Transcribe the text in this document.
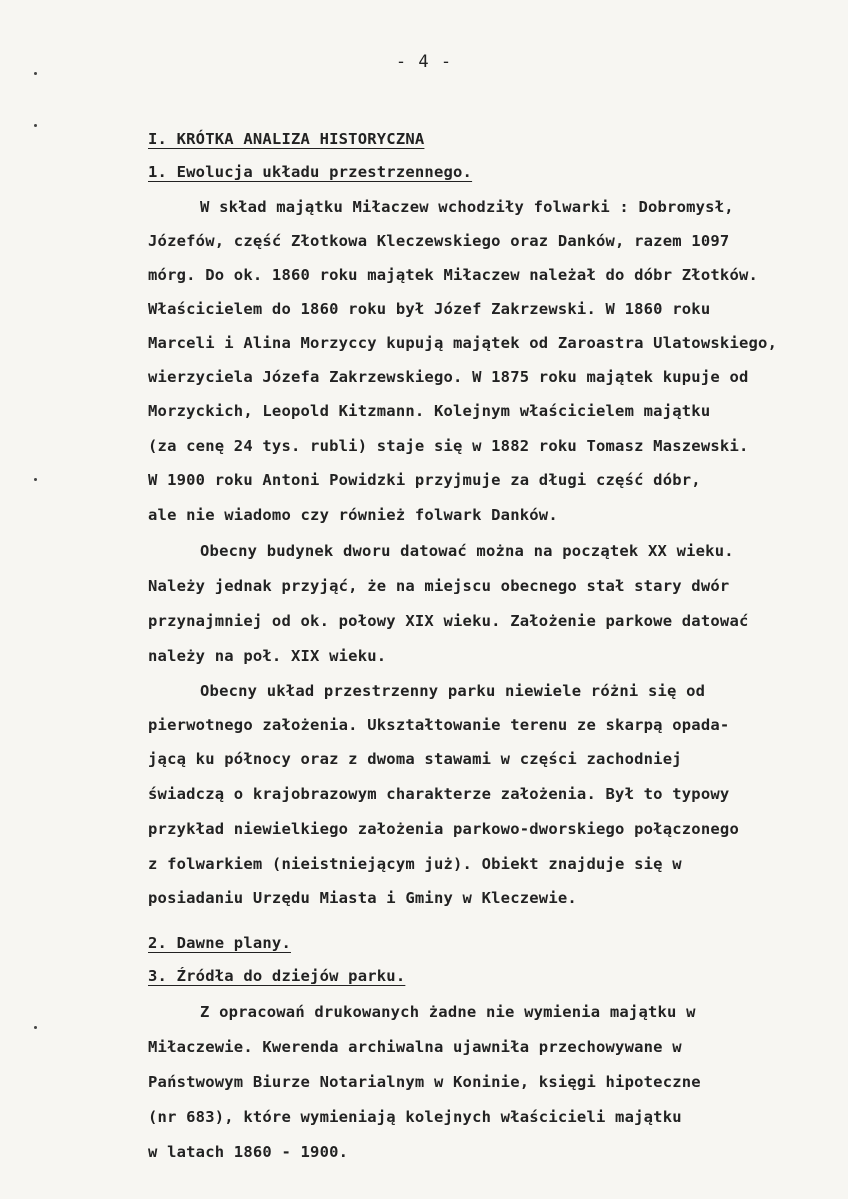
- 4 -
I. KRÓTKA ANALIZA HISTORYCZNA
1. Ewolucja układu przestrzennego.
W skład majątku Miłaczew wchodziły folwarki : Dobromysł,
Józefów, część Złotkowa Kleczewskiego oraz Danków, razem 1097
mórg. Do ok. 1860 roku majątek Miłaczew należał do dóbr Złotków.
Właścicielem do 1860 roku był Józef Zakrzewski. W 1860 roku
Marceli i Alina Morzyccy kupują majątek od Zaroastra Ulatowskiego,
wierzyciela Józefa Zakrzewskiego. W 1875 roku majątek kupuje od
Morzyckich, Leopold Kitzmann. Kolejnym właścicielem majątku
(za cenę 24 tys. rubli) staje się w 1882 roku Tomasz Maszewski.
W 1900 roku Antoni Powidzki przyjmuje za długi część dóbr,
ale nie wiadomo czy również folwark Danków.
Obecny budynek dworu datować można na początek XX wieku.
Należy jednak przyjąć, że na miejscu obecnego stał stary dwór
przynajmniej od ok. połowy XIX wieku. Założenie parkowe datować
należy na poł. XIX wieku.
Obecny układ przestrzenny parku niewiele różni się od
pierwotnego założenia. Ukształtowanie terenu ze skarpą opada-
jącą ku północy oraz z dwoma stawami w części zachodniej
świadczą o krajobrazowym charakterze założenia. Był to typowy
przykład niewielkiego założenia parkowo-dworskiego połączonego
z folwarkiem (nieistniejącym już). Obiekt znajduje się w
posiadaniu Urzędu Miasta i Gminy w Kleczewie.
2. Dawne plany.
3. Źródła do dziejów parku.
Z opracowań drukowanych żadne nie wymienia majątku w
Miłaczewie. Kwerenda archiwalna ujawniła przechowywane w
Państwowym Biurze Notarialnym w Koninie, księgi hipoteczne
(nr 683), które wymieniają kolejnych właścicieli majątku
w latach 1860 - 1900.
